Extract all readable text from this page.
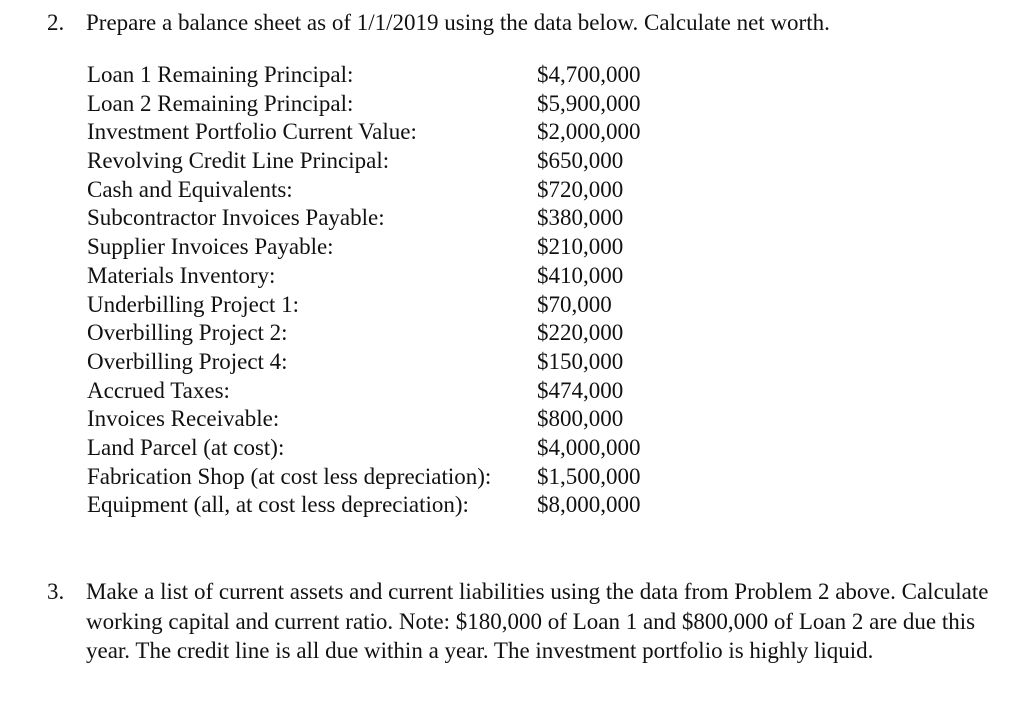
2. Prepare a balance sheet as of 1/1/2019 using the data below. Calculate net worth.
Loan 1 Remaining Principal:	$4,700,000
Loan 2 Remaining Principal:	$5,900,000
Investment Portfolio Current Value:	$2,000,000
Revolving Credit Line Principal:	$650,000
Cash and Equivalents:	$720,000
Subcontractor Invoices Payable:	$380,000
Supplier Invoices Payable:	$210,000
Materials Inventory:	$410,000
Underbilling Project 1:	$70,000
Overbilling Project 2:	$220,000
Overbilling Project 4:	$150,000
Accrued Taxes:	$474,000
Invoices Receivable:	$800,000
Land Parcel (at cost):	$4,000,000
Fabrication Shop (at cost less depreciation): $1,500,000
Equipment (all, at cost less depreciation):	$8,000,000
3. Make a list of current assets and current liabilities using the data from Problem 2 above. Calculate working capital and current ratio. Note: $180,000 of Loan 1 and $800,000 of Loan 2 are due this year. The credit line is all due within a year. The investment portfolio is highly liquid.
